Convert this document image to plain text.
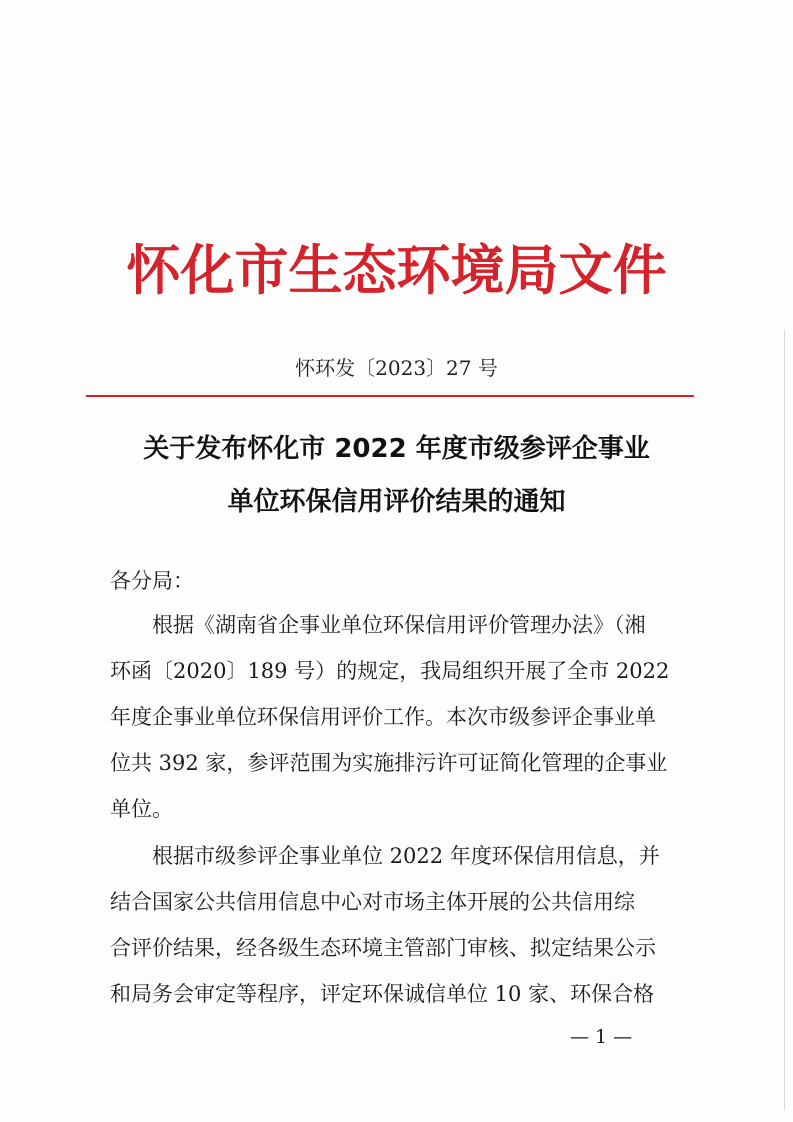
怀化市生态环境局文件
怀环发〔2023〕27 号
关于发布怀化市 2022 年度市级参评企事业
单位环保信用评价结果的通知
各分局：
根据《湖南省企事业单位环保信用评价管理办法》（湘
环函〔2020〕189 号）的规定，我局组织开展了全市 2022
年度企事业单位环保信用评价工作。本次市级参评企事业单
位共 392 家，参评范围为实施排污许可证简化管理的企事业
单位。
根据市级参评企事业单位 2022 年度环保信用信息，并
结合国家公共信用信息中心对市场主体开展的公共信用综
合评价结果，经各级生态环境主管部门审核、拟定结果公示
和局务会审定等程序，评定环保诚信单位 10 家、环保合格
— 1 —
